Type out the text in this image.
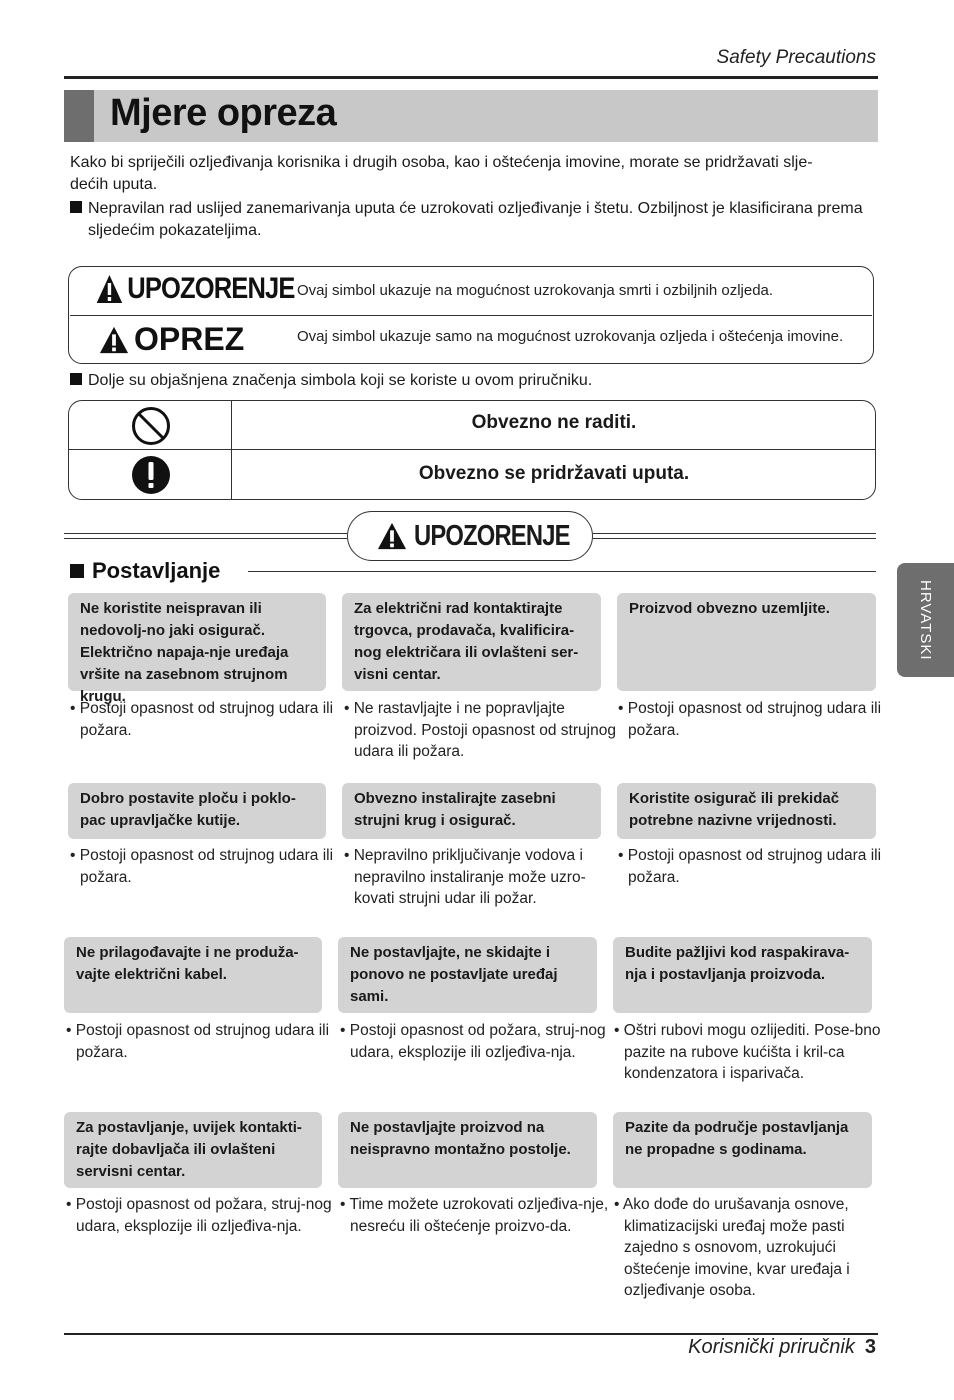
Safety Precautions
Mjere opreza
Kako bi spriječili ozljeđivanja korisnika i drugih osoba, kao i oštećenja imovine, morate se pridržavati slje-
dećih uputa.
Nepravilan rad uslijed zanemarivanja uputa će uzrokovati ozljeđivanje i štetu. Ozbiljnost je klasificirana prema sljedećim pokazateljima.
UPOZORENJE Ovaj simbol ukazuje na mogućnost uzrokovanja smrti i ozbiljnih ozljeda.
OPREZ	Ovaj simbol ukazuje samo na mogućnost uzrokovanja ozljeda i oštećenja imovine.
Dolje su objašnjena značenja simbola koji se koriste u ovom priručniku.
Obvezno ne raditi.
Obvezno se pridržavati uputa.
UPOZORENJE
Postavljanje
HRVATSKI
Ne koristite neispravan ili nedovolj-no jaki osigurač. Električno napaja-nje uređaja vršite na zasebnom strujnom krugu.
• Postoji opasnost od strujnog udara ili požara.
Za električni rad kontaktirajte trgovca, prodavača, kvalificira-nog električara ili ovlašteni ser-visni centar.
• Ne rastavljajte i ne popravljajte proizvod. Postoji opasnost od strujnog udara ili požara.
Proizvod obvezno uzemljite.
• Postoji opasnost od strujnog udara ili požara.
Dobro postavite ploču i poklo-pac upravljačke kutije.
• Postoji opasnost od strujnog udara ili požara.
Obvezno instalirajte zasebni strujni krug i osigurač.
• Nepravilno priključivanje vodova i nepravilno instaliranje može uzro-kovati strujni udar ili požar.
Koristite osigurač ili prekidač potrebne nazivne vrijednosti.
• Postoji opasnost od strujnog udara ili požara.
Ne prilagođavajte i ne produža-vajte električni kabel.
• Postoji opasnost od strujnog udara ili požara.
Ne postavljajte, ne skidajte i ponovo ne postavljate uređaj sami.
• Postoji opasnost od požara, struj-nog udara, eksplozije ili ozljeđiva-nja.
Budite pažljivi kod raspakirava-nja i postavljanja proizvoda.
• Oštri rubovi mogu ozlijediti. Pose-bno pazite na rubove kućišta i kril-ca kondenzatora i isparivača.
Za postavljanje, uvijek kontakti-rajte dobavljača ili ovlašteni servisni centar.
• Postoji opasnost od požara, struj-nog udara, eksplozije ili ozljeđiva-nja.
Ne postavljajte proizvod na neispravno montažno postolje.
• Time možete uzrokovati ozljeđiva-nje, nesreću ili oštećenje proizvo-da.
Pazite da područje postavljanja ne propadne s godinama.
• Ako dođe do urušavanja osnove, klimatizacijski uređaj može pasti zajedno s osnovom, uzrokujući oštećenje imovine, kvar uređaja i ozljeđivanje osoba.
Korisnički priručnik 3
